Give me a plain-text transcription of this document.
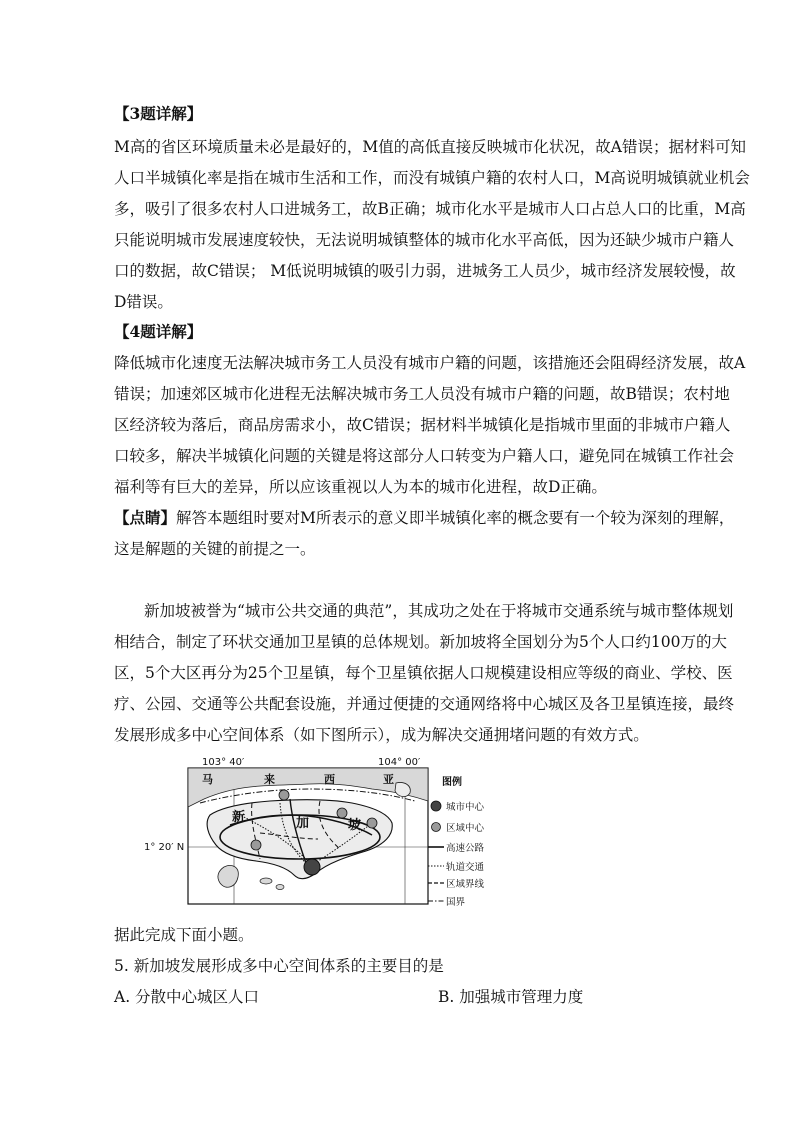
【3题详解】
M高的省区环境质量未必是最好的，M值的高低直接反映城市化状况，故A错误；据材料可知
人口半城镇化率是指在城市生活和工作，而没有城镇户籍的农村人口，M高说明城镇就业机会
多，吸引了很多农村人口进城务工，故B正确；城市化水平是城市人口占总人口的比重，M高
只能说明城市发展速度较快，无法说明城镇整体的城市化水平高低，因为还缺少城市户籍人
口的数据，故C错误； M低说明城镇的吸引力弱，进城务工人员少，城市经济发展较慢，故
D错误。
【4题详解】
降低城市化速度无法解决城市务工人员没有城市户籍的问题，该措施还会阻碍经济发展，故A
错误；加速郊区城市化进程无法解决城市务工人员没有城市户籍的问题，故B错误；农村地
区经济较为落后，商品房需求小，故C错误；据材料半城镇化是指城市里面的非城市户籍人
口较多，解决半城镇化问题的关键是将这部分人口转变为户籍人口，避免同在城镇工作社会
福利等有巨大的差异，所以应该重视以人为本的城市化进程，故D正确。
【点睛】解答本题组时要对M所表示的意义即半城镇化率的概念要有一个较为深刻的理解，
这是解题的关键的前提之一。
新加坡被誉为“城市公共交通的典范”，其成功之处在于将城市交通系统与城市整体规划
相结合，制定了环状交通加卫星镇的总体规划。新加坡将全国划分为5个人口约100万的大
区，5个大区再分为25个卫星镇，每个卫星镇依据人口规模建设相应等级的商业、学校、医
疗、公园、交通等公共配套设施，并通过便捷的交通网络将中心城区及各卫星镇连接，最终
发展形成多中心空间体系（如下图所示），成为解决交通拥堵问题的有效方式。
103° 40′	104° 00′
1° 20′ N
马	来	西	亚
新	加	坡
图例
城市中心
区域中心
高速公路
轨道交通
区域界线
国界
据此完成下面小题。
5. 新加坡发展形成多中心空间体系的主要目的是
A. 分散中心城区人口	B. 加强城市管理力度
